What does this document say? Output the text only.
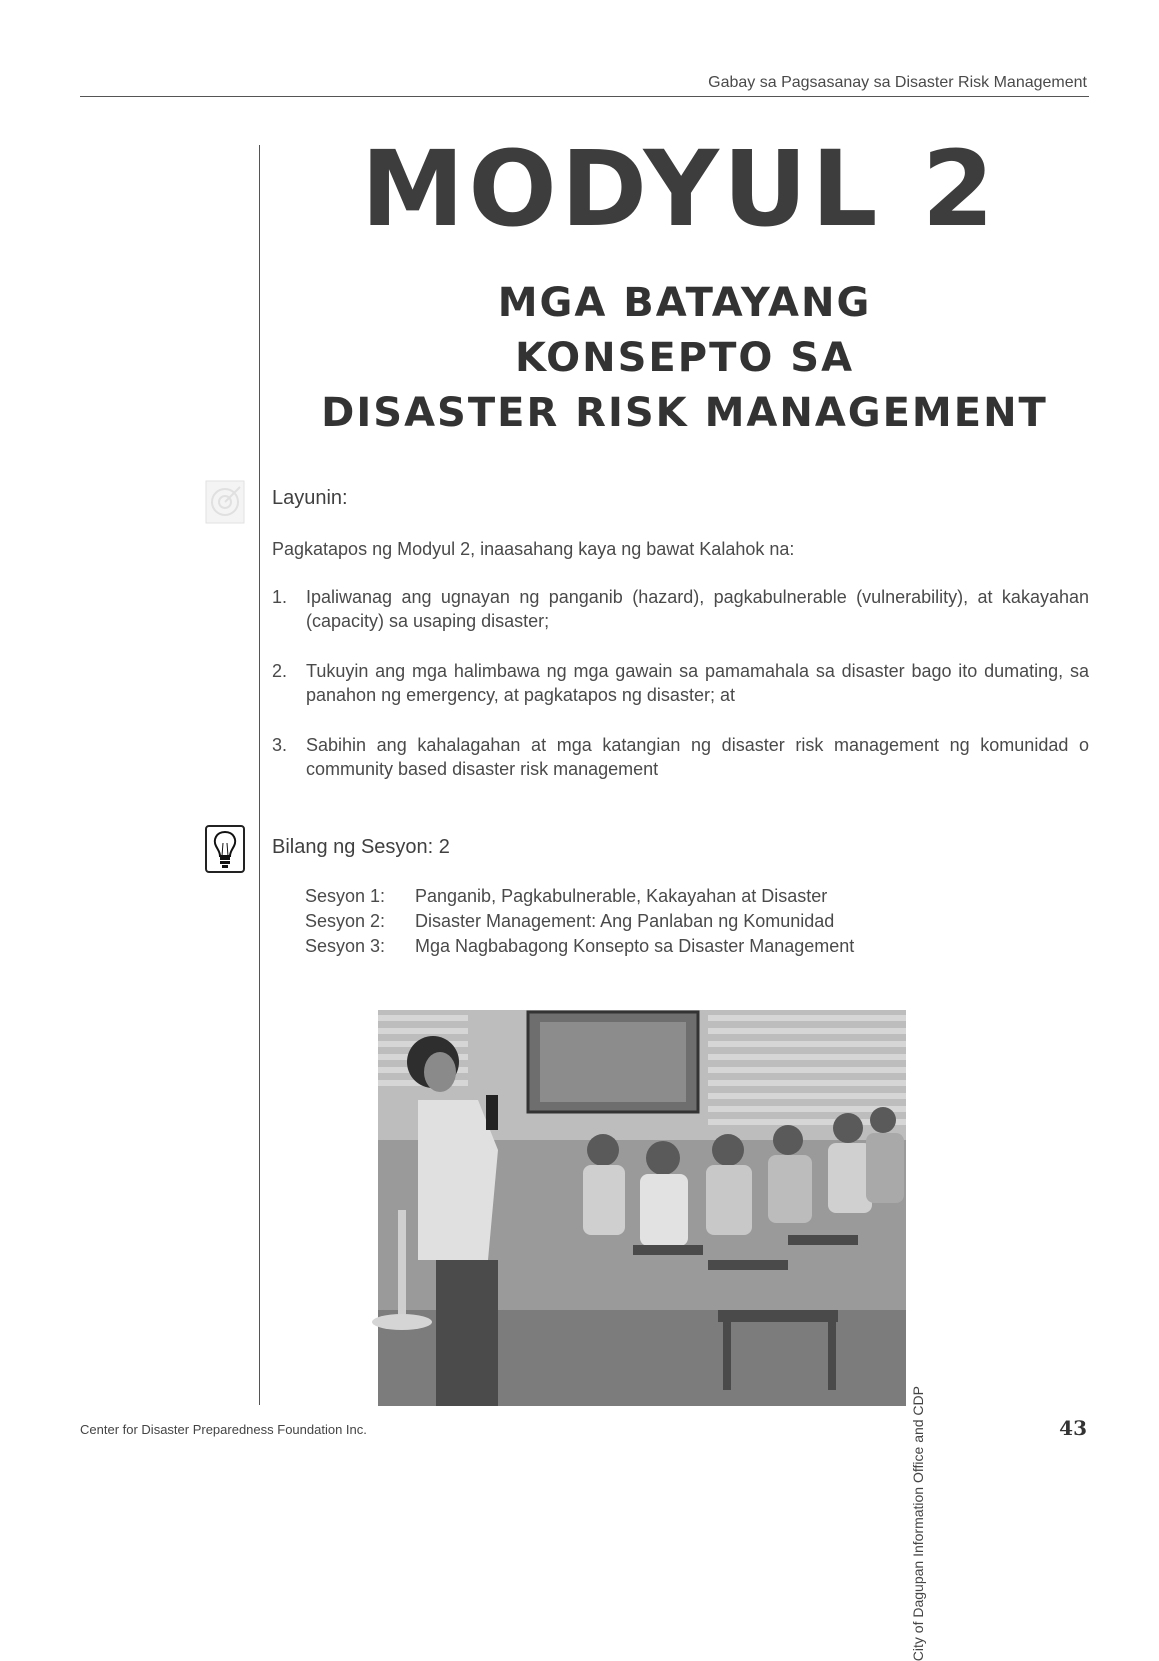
Gabay sa Pagsasanay sa Disaster Risk Management
MODYUL 2
MGA BATAYANG
KONSEPTO SA
DISASTER RISK MANAGEMENT
Layunin:
Pagkatapos ng Modyul 2, inaasahang kaya ng bawat Kalahok na:
1. Ipaliwanag ang ugnayan ng panganib (hazard), pagkabulnerable (vulnerability), at kakayahan (capacity) sa usaping disaster;
2. Tukuyin ang mga halimbawa ng mga gawain sa pamamahala sa disaster bago ito dumating, sa panahon ng emergency, at pagkatapos ng disaster; at
3. Sabihin ang kahalagahan at mga katangian ng disaster risk management ng komunidad o community based disaster risk management
Bilang ng Sesyon: 2
Sesyon 1:	Panganib, Pagkabulnerable, Kakayahan at Disaster
Sesyon 2:	Disaster Management: Ang Panlaban ng Komunidad
Sesyon 3:	Mga Nagbabagong Konsepto sa Disaster Management
City of Dagupan Information Office and CDP
Center for Disaster Preparedness Foundation Inc.	43
